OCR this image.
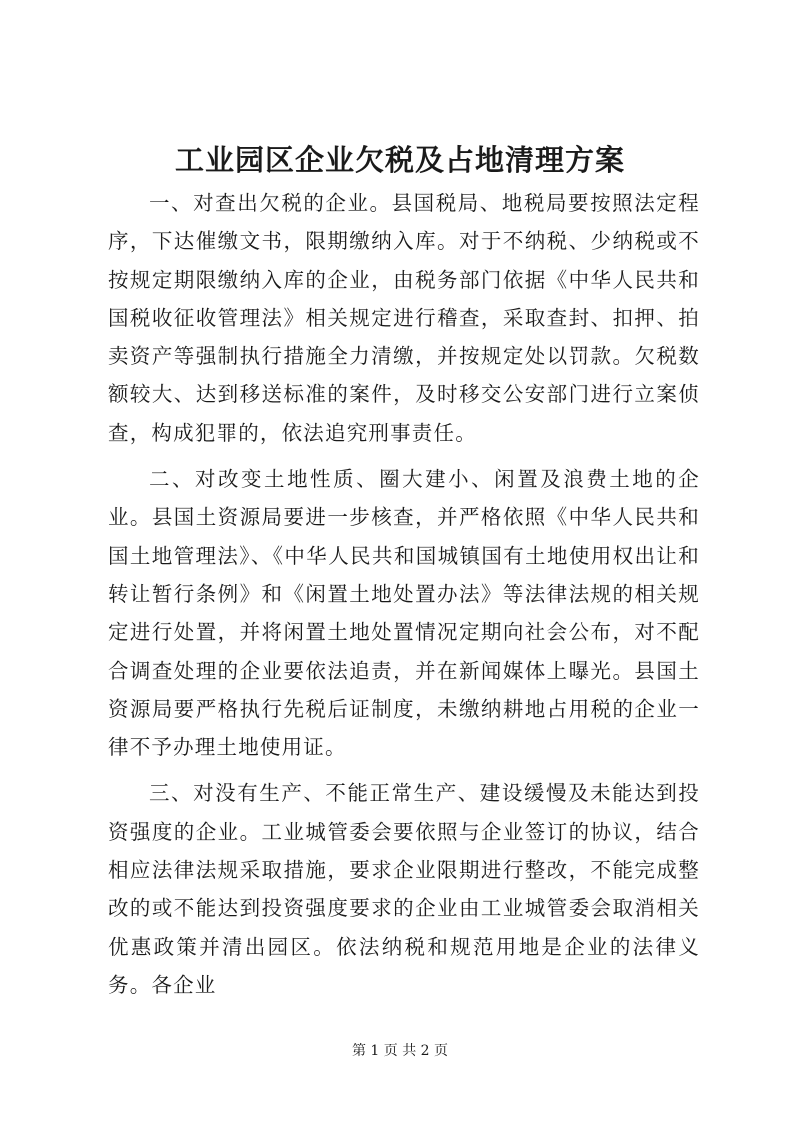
工业园区企业欠税及占地清理方案

一、对查出欠税的企业。县国税局、地税局要按照法定程序，下达催缴文书，限期缴纳入库。对于不纳税、少纳税或不按规定期限缴纳入库的企业，由税务部门依据《中华人民共和国税收征收管理法》相关规定进行稽查，采取查封、扣押、拍卖资产等强制执行措施全力清缴，并按规定处以罚款。欠税数额较大、达到移送标准的案件，及时移交公安部门进行立案侦查，构成犯罪的，依法追究刑事责任。

二、对改变土地性质、圈大建小、闲置及浪费土地的企业。县国土资源局要进一步核查，并严格依照《中华人民共和国土地管理法》、《中华人民共和国城镇国有土地使用权出让和转让暂行条例》和《闲置土地处置办法》等法律法规的相关规定进行处置，并将闲置土地处置情况定期向社会公布，对不配合调查处理的企业要依法追责，并在新闻媒体上曝光。县国土资源局要严格执行先税后证制度，未缴纳耕地占用税的企业一律不予办理土地使用证。

三、对没有生产、不能正常生产、建设缓慢及未能达到投资强度的企业。工业城管委会要依照与企业签订的协议，结合相应法律法规采取措施，要求企业限期进行整改，不能完成整改的或不能达到投资强度要求的企业由工业城管委会取消相关优惠政策并清出园区。依法纳税和规范用地是企业的法律义务。各企业

第 1 页 共 2 页
